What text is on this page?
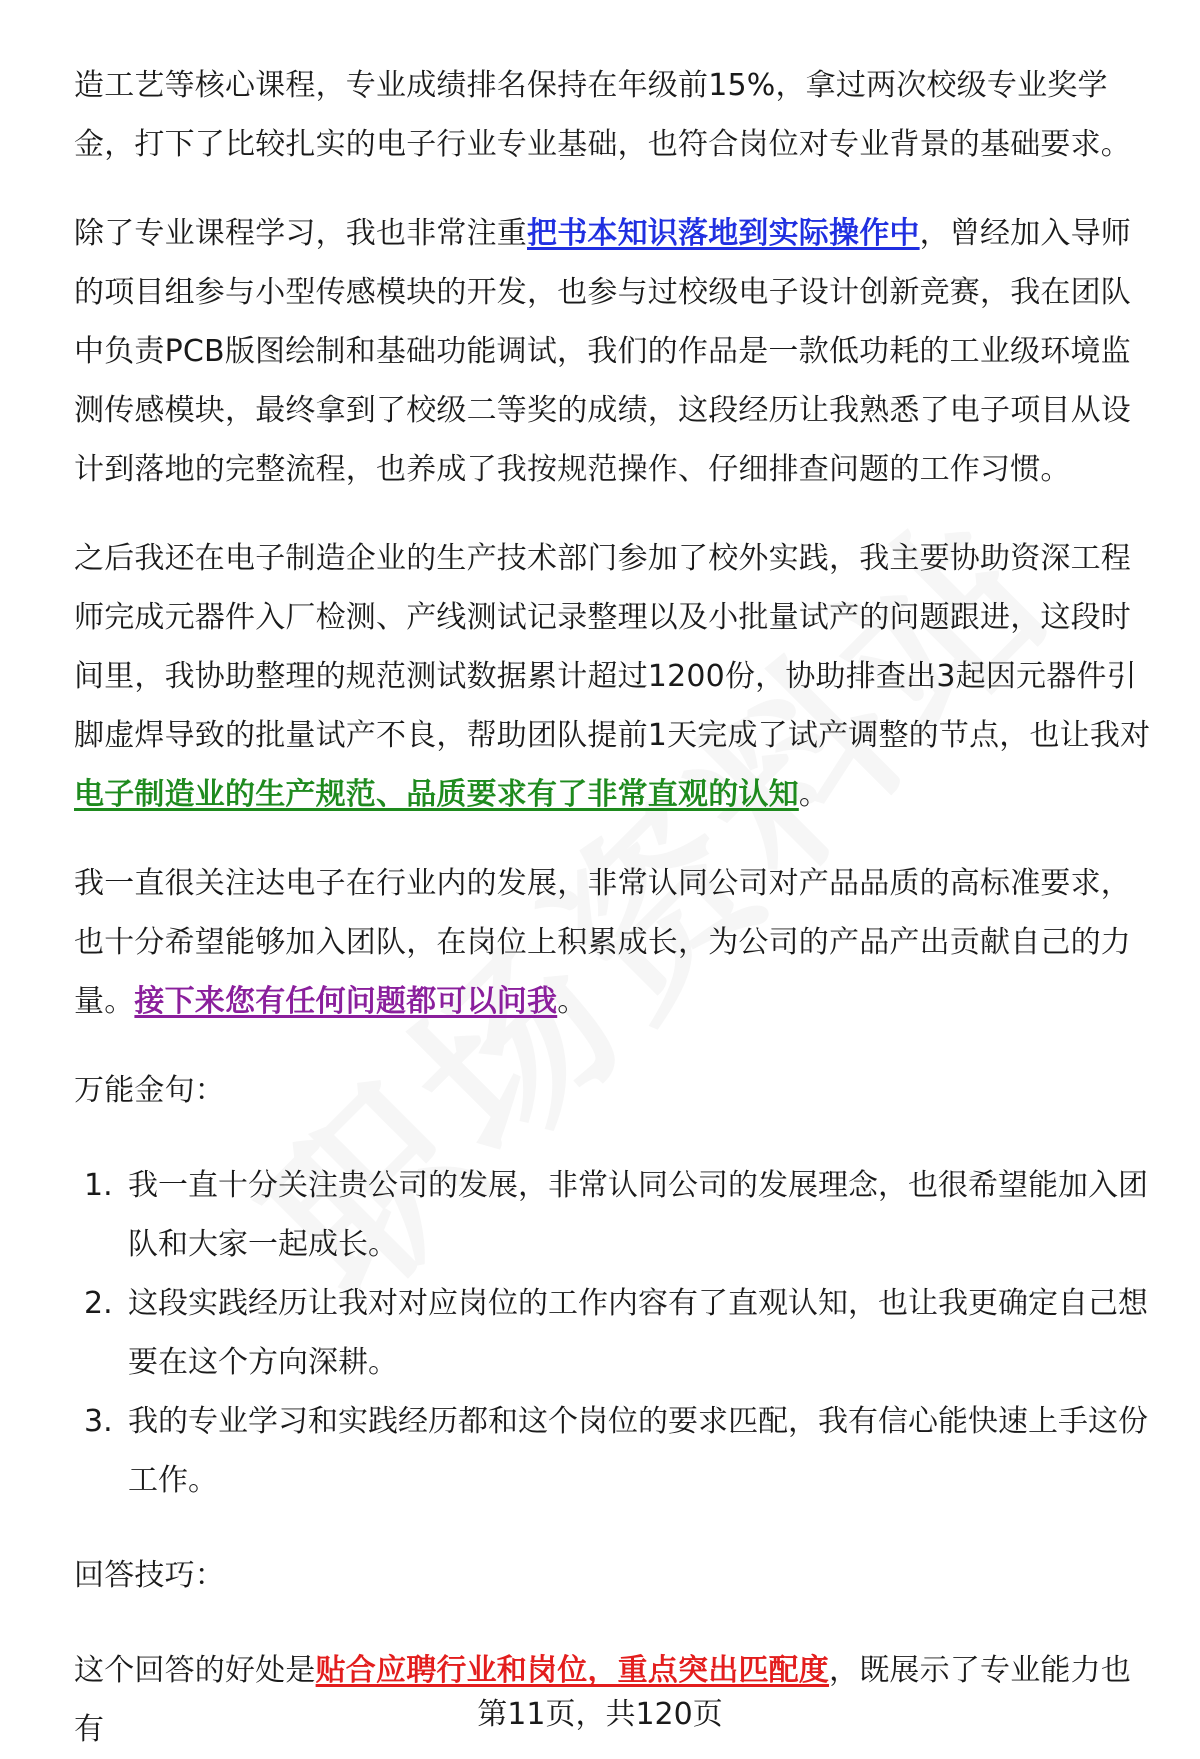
造工艺等核心课程，专业成绩排名保持在年级前15%，拿过两次校级专业奖学金，打下了比较扎实的电子行业专业基础，也符合岗位对专业背景的基础要求。

除了专业课程学习，我也非常注重把书本知识落地到实际操作中，曾经加入导师的项目组参与小型传感模块的开发，也参与过校级电子设计创新竞赛，我在团队中负责PCB版图绘制和基础功能调试，我们的作品是一款低功耗的工业级环境监测传感模块，最终拿到了校级二等奖的成绩，这段经历让我熟悉了电子项目从设计到落地的完整流程，也养成了我按规范操作、仔细排查问题的工作习惯。

之后我还在电子制造企业的生产技术部门参加了校外实践，我主要协助资深工程师完成元器件入厂检测、产线测试记录整理以及小批量试产的问题跟进，这段时间里，我协助整理的规范测试数据累计超过1200份，协助排查出3起因元器件引脚虚焊导致的批量试产不良，帮助团队提前1天完成了试产调整的节点，也让我对电子制造业的生产规范、品质要求有了非常直观的认知。

我一直很关注达电子在行业内的发展，非常认同公司对产品品质的高标准要求，也十分希望能够加入团队，在岗位上积累成长，为公司的产品产出贡献自己的力量。接下来您有任何问题都可以问我。

万能金句：

1. 我一直十分关注贵公司的发展，非常认同公司的发展理念，也很希望能加入团队和大家一起成长。
2. 这段实践经历让我对对应岗位的工作内容有了直观认知，也让我更确定自己想要在这个方向深耕。
3. 我的专业学习和实践经历都和这个岗位的要求匹配，我有信心能快速上手这份工作。

回答技巧：

这个回答的好处是贴合应聘行业和岗位，重点突出匹配度，既展示了专业能力也有	第11页，共120页
